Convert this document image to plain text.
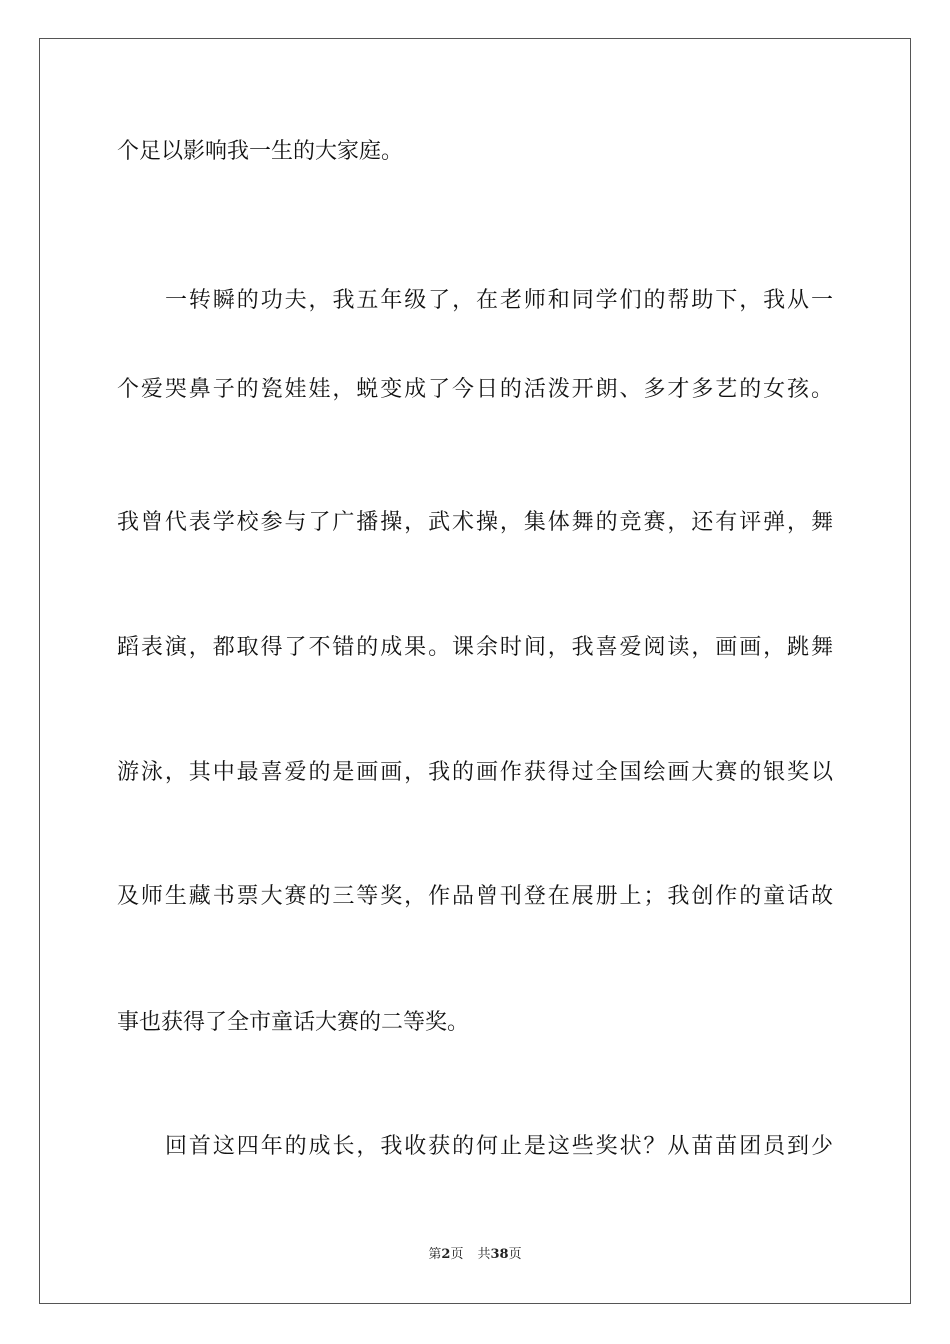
个足以影响我一生的大家庭。
一转瞬的功夫，我五年级了，在老师和同学们的帮助下，我从一
个爱哭鼻子的瓷娃娃，蜕变成了今日的活泼开朗、多才多艺的女孩。
我曾代表学校参与了广播操，武术操，集体舞的竞赛，还有评弹，舞
蹈表演，都取得了不错的成果。课余时间，我喜爱阅读，画画，跳舞
游泳，其中最喜爱的是画画，我的画作获得过全国绘画大赛的银奖以
及师生藏书票大赛的三等奖，作品曾刊登在展册上；我创作的童话故
事也获得了全市童话大赛的二等奖。
回首这四年的成长，我收获的何止是这些奖状？从苗苗团员到少
第2页 共38页
